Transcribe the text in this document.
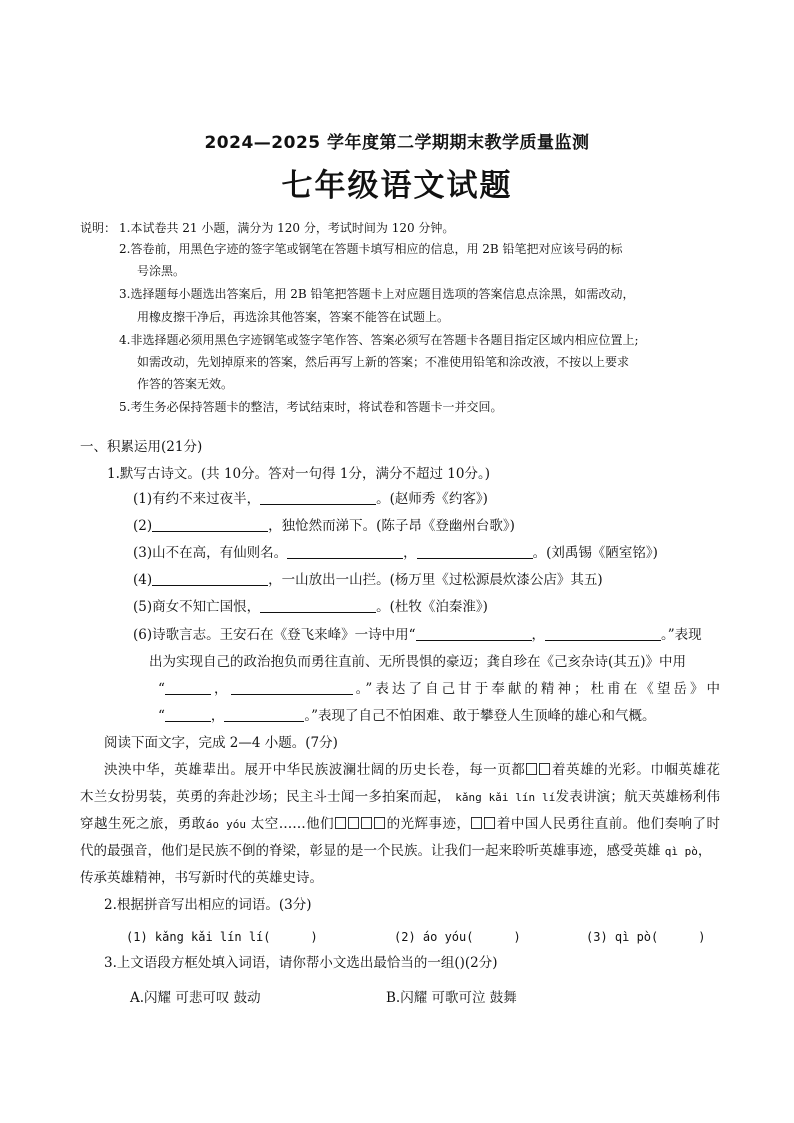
2024—2025 学年度第二学期期末教学质量监测
七年级语文试题
说明： 1.本试卷共 21 小题，满分为 120 分，考试时间为 120 分钟。
2.答卷前，用黑色字迹的签字笔或钢笔在答题卡填写相应的信息，用 2B 铅笔把对应该号码的标
号涂黑。
3.选择题每小题选出答案后，用 2B 铅笔把答题卡上对应题目选项的答案信息点涂黑，如需改动，
用橡皮擦干净后，再选涂其他答案，答案不能答在试题上。
4.非选择题必须用黑色字迹钢笔或签字笔作答、答案必须写在答题卡各题目指定区域内相应位置上;
如需改动，先划掉原来的答案，然后再写上新的答案；不准使用铅笔和涂改液，不按以上要求
作答的答案无效。
5.考生务必保持答题卡的整洁，考试结束时，将试卷和答题卡一并交回。
一、积累运用(21分)
1.默写古诗文。(共 10分。答对一句得 1分，满分不超过 10分。)
(1)有约不来过夜半，	。(赵师秀《约客》)
(2)	，独怆然而涕下。(陈子昂《登幽州台歌》)
(3)山不在高，有仙则名。	，	。(刘禹锡《陋室铭》)
(4)	，一山放出一山拦。(杨万里《过松源晨炊漆公店》其五)
(5)商女不知亡国恨，	。(杜牧《泊秦淮》)
(6)诗歌言志。王安石在《登飞来峰》一诗中用“	，	。”表现
出为实现自己的政治抱负而勇往直前、无所畏惧的豪迈；龚自珍在《己亥杂诗(其五)》中用
“	，	。”表达了自己甘于奉献的精神；杜甫在《望岳》中
“	，	。”表现了自己不怕困难、敢于攀登人生顶峰的雄心和气概。
阅读下面文字，完成 2—4 小题。(7分)
泱泱中华，英雄辈出。展开中华民族波澜壮阔的历史长卷，每一页都 着英雄的光彩。巾帼英雄花
木兰女扮男装，英勇的奔赴沙场；民主斗士闻一多拍案而起， kǎng kǎi lín lí发表讲演；航天英雄杨利伟
穿越生死之旅，勇敢áo yóu 太空……他们	的光辉事迹， 着中国人民勇往直前。他们奏响了时
代的最强音，他们是民族不倒的脊梁，彰显的是一个民族。让我们一起来聆听英雄事迹，感受英雄 qì pò，
传承英雄精神，书写新时代的英雄史诗。
2.根据拼音写出相应的词语。(3分)
(1) kǎng kǎi lín lí(	)	(2) áo yóu(	)	(3) qì pò(	)
3.上文语段方框处填入词语，请你帮小文选出最恰当的一组()(2分)
A.闪耀 可悲可叹 鼓动	B.闪耀 可歌可泣 鼓舞
